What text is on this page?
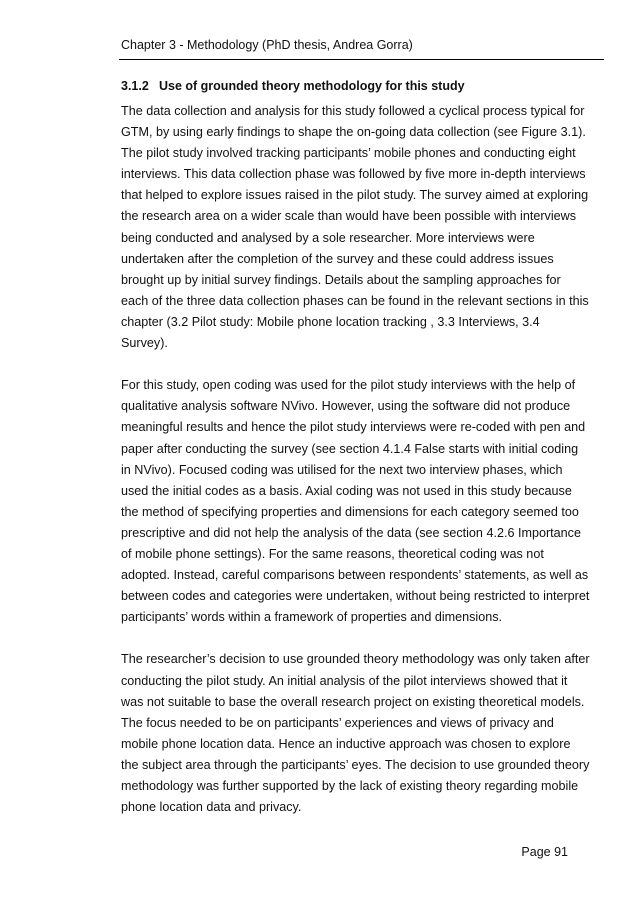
Chapter 3 - Methodology (PhD thesis, Andrea Gorra)
3.1.2 Use of grounded theory methodology for this study

The data collection and analysis for this study followed a cyclical process typical for
GTM, by using early findings to shape the on-going data collection (see Figure 3.1).
The pilot study involved tracking participants’ mobile phones and conducting eight
interviews. This data collection phase was followed by five more in-depth interviews
that helped to explore issues raised in the pilot study. The survey aimed at exploring
the research area on a wider scale than would have been possible with interviews
being conducted and analysed by a sole researcher. More interviews were
undertaken after the completion of the survey and these could address issues
brought up by initial survey findings. Details about the sampling approaches for
each of the three data collection phases can be found in the relevant sections in this
chapter (3.2 Pilot study: Mobile phone location tracking , 3.3 Interviews, 3.4
Survey).

For this study, open coding was used for the pilot study interviews with the help of
qualitative analysis software NVivo. However, using the software did not produce
meaningful results and hence the pilot study interviews were re-coded with pen and
paper after conducting the survey (see section 4.1.4 False starts with initial coding
in NVivo). Focused coding was utilised for the next two interview phases, which
used the initial codes as a basis. Axial coding was not used in this study because
the method of specifying properties and dimensions for each category seemed too
prescriptive and did not help the analysis of the data (see section 4.2.6 Importance
of mobile phone settings). For the same reasons, theoretical coding was not
adopted. Instead, careful comparisons between respondents’ statements, as well as
between codes and categories were undertaken, without being restricted to interpret
participants’ words within a framework of properties and dimensions.

The researcher’s decision to use grounded theory methodology was only taken after
conducting the pilot study. An initial analysis of the pilot interviews showed that it
was not suitable to base the overall research project on existing theoretical models.
The focus needed to be on participants’ experiences and views of privacy and
mobile phone location data. Hence an inductive approach was chosen to explore
the subject area through the participants’ eyes. The decision to use grounded theory
methodology was further supported by the lack of existing theory regarding mobile
phone location data and privacy.

Page 91
